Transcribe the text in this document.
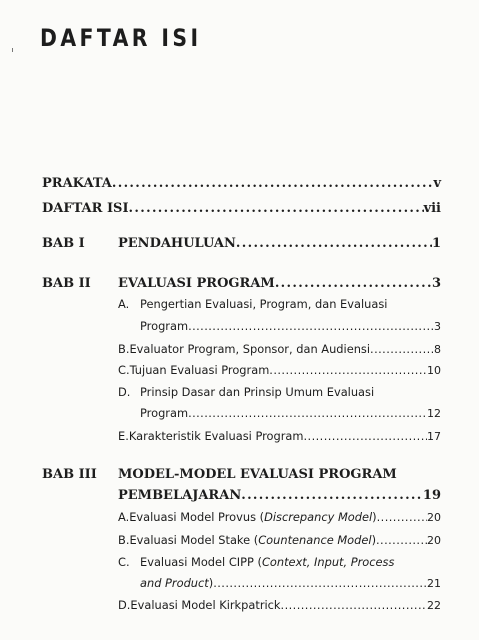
DAFTAR ISI
PRAKATA . . .	v
DAFTAR ISI . . .	vii
BAB I	PENDAHULUAN . . .	1
BAB II EVALUASI PROGRAM . . .	3
A. Pengertian Evaluasi, Program, dan Evaluasi
Program . . .	3
B. Evaluator Program, Sponsor, dan Audiensi . . .	8
C. Tujuan Evaluasi Program . . .	10
D. Prinsip Dasar dan Prinsip Umum Evaluasi
Program . . .	12
E. Karakteristik Evaluasi Program . . .	17
BAB III MODEL-MODEL EVALUASI PROGRAM
PEMBELAJARAN . . .	19
A. Evaluasi Model Provus (Discrepancy Model) . . .	20
B. Evaluasi Model Stake (Countenance Model) . . .	20
C. Evaluasi Model CIPP (Context, Input, Process
and Product) . . .	21
D. Evaluasi Model Kirkpatrick . . .	22
